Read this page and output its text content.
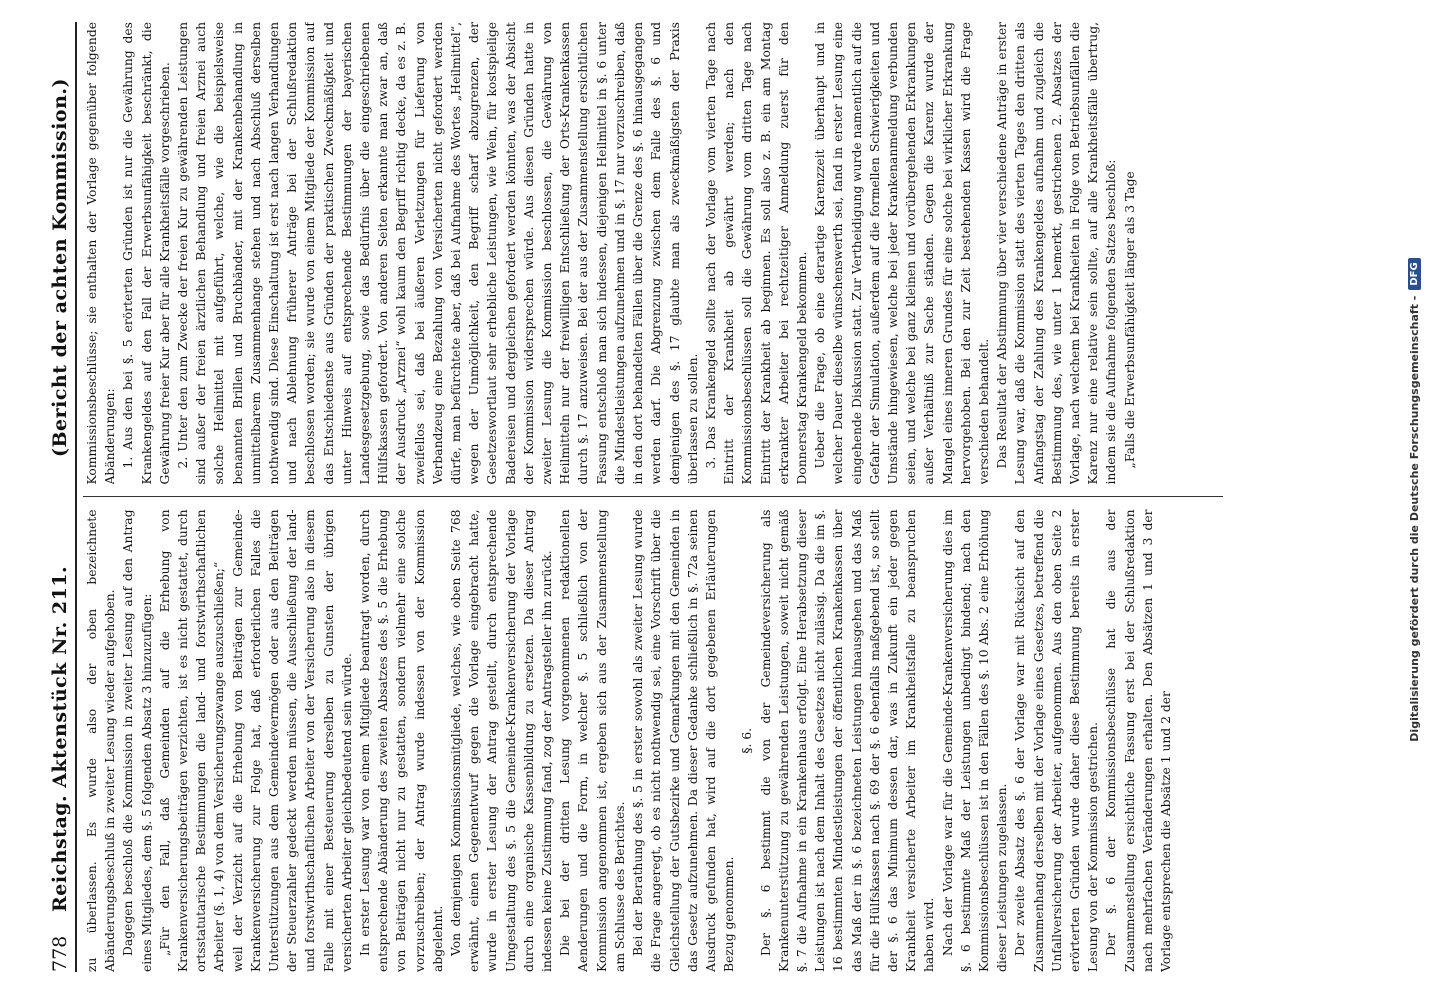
778
Reichstag. Aktenstück Nr. 211.
(Bericht der achten Kommission.)

zu überlassen. Es wurde also der oben bezeichnete Abänderungsbeschluß in zweiter Lesung wieder aufgehoben. Dagegen beschloß die Kommission in zweiter Lesung auf den Antrag eines Mitgliedes, dem §. 5 folgenden Absatz 3 hinzuzufügen: „Für den Fall, daß Gemeinden auf die Erhebung von Krankenversicherungsbeiträgen verzichten, ist es nicht gestattet, durch ortsstatutarische Bestimmungen die land- und forstwirthschaftlichen Arbeiter (§. 1, 4) von dem Versicherungszwange auszuschließen;“ weil der Verzicht auf die Erhebung von Beiträgen zur Gemeinde-Krankenversicherung zur Folge hat, daß erforderlichen Falles die Unterstützungen aus dem Gemeindevermögen oder aus den Beiträgen der Steuerzahler gedeckt werden müssen, die Ausschließung der land- und forstwirthschaftlichen Arbeiter von der Versicherung also in diesem Falle mit einer Besteuerung derselben zu Gunsten der übrigen versicherten Arbeiter gleichbedeutend sein würde. In erster Lesung war von einem Mitgliede beantragt worden, durch entsprechende Abänderung des zweiten Absatzes des §. 5 die Erhebung von Beiträgen nicht nur zu gestatten, sondern vielmehr eine solche vorzuschreiben; der Antrag wurde indessen von der Kommission abgelehnt. Von demjenigen Kommissionsmitgliede, welches, wie oben Seite 768 erwähnt, einen Gegenentwurf gegen die Vorlage eingebracht hatte, wurde in erster Lesung der Antrag gestellt, durch entsprechende Umgestaltung des §. 5 die Gemeinde-Krankenversicherung der Vorlage durch eine organische Kassenbildung zu ersetzen. Da dieser Antrag indessen keine Zustimmung fand, zog der Antragsteller ihn zurück. Die bei der dritten Lesung vorgenommenen redaktionellen Aenderungen und die Form, in welcher §. 5 schließlich von der Kommission angenommen ist, ergeben sich aus der Zusammenstellung am Schlusse des Berichtes. Bei der Berathung des §. 5 in erster sowohl als zweiter Lesung wurde die Frage angeregt, ob es nicht nothwendig sei, eine Vorschrift über die Gleichstellung der Gutsbezirke und Gemarkungen mit den Gemeinden in das Gesetz aufzunehmen. Da dieser Gedanke schließlich in §. 72a seinen Ausdruck gefunden hat, wird auf die dort gegebenen Erläuterungen Bezug genommen.

§. 6. Der §. 6 bestimmt die von der Gemeindeversicherung als Krankenunterstützung zu gewährenden Leistungen, soweit nicht gemäß §. 7 die Aufnahme in ein Krankenhaus erfolgt. Eine Herabsetzung dieser Leistungen ist nach dem Inhalt des Gesetzes nicht zulässig. Da die im §. 16 bestimmten Mindestleistungen der öffentlichen Krankenkassen über das Maß der in §. 6 bezeichneten Leistungen hinausgehen und das Maß für die Hülfskassen nach §. 69 der §. 6 ebenfalls maßgebend ist, so stellt der §. 6 das Minimum dessen dar, was in Zukunft ein jeder gegen Krankheit versicherte Arbeiter im Krankheitsfalle zu beanspruchen haben wird. Nach der Vorlage war für die Gemeinde-Krankenversicherung dies im §. 6 bestimmte Maß der Leistungen unbedingt bindend; nach den Kommissionsbeschlüssen ist in den Fällen des §. 10 Abs. 2 eine Erhöhung dieser Leistungen zugelassen. Der zweite Absatz des §. 6 der Vorlage war mit Rücksicht auf den Zusammenhang derselben mit der Vorlage eines Gesetzes, betreffend die Unfallversicherung der Arbeiter, aufgenommen. Aus den oben Seite 2 erörterten Gründen wurde daher diese Bestimmung bereits in erster Lesung von der Kommission gestrichen. Der §. 6 der Kommissionsbeschlüsse hat die aus der Zusammenstellung ersichtliche Fassung erst bei der Schlußredaktion nach mehrfachen Veränderungen erhalten. Den Absätzen 1 und 3 der Vorlage entsprechen die Absätze 1 und 2 der

Kommissionsbeschlüsse; sie enthalten der Vorlage gegenüber folgende Abänderungen: 1. Aus den bei §. 5 erörterten Gründen ist nur die Gewährung des Krankengeldes auf den Fall der Erwerbsunfähigkeit beschränkt, die Gewährung freier Kur aber für alle Krankheitsfälle vorgeschrieben. 2. Unter den zum Zwecke der freien Kur zu gewährenden Leistungen sind außer der freien ärztlichen Behandlung und freien Arznei auch solche Heilmittel mit aufgeführt, welche, wie die beispielsweise benannten Brillen und Bruchbänder, mit der Krankenbehandlung in unmittelbarem Zusammenhange stehen und nach Abschluß derselben nothwendig sind. Diese Einschaltung ist erst nach langen Verhandlungen und nach Ablehnung früherer Anträge bei der Schlußredaktion beschlossen worden; sie wurde von einem Mitgliede der Kommission auf das Entschiedenste aus Gründen der praktischen Zweckmäßigkeit und unter Hinweis auf entsprechende Bestimmungen der bayerischen Landesgesetzgebung, sowie das Bedürfnis über die eingeschriebenen Hülfskassen gefordert. Von anderen Seiten erkannte man zwar an, daß der Ausdruck „Arznei“ wohl kaum den Begriff richtig decke, da es z. B. zweifellos sei, daß bei äußeren Verletzungen für Lieferung von Verbandzeug eine Bezahlung von Versicherten nicht gefordert werden dürfe, man befürchtete aber, daß bei Aufnahme des Wortes „Heilmittel“, wegen der Unmöglichkeit, den Begriff scharf abzugrenzen, der Gesetzeswortlaut sehr erhebliche Leistungen, wie Wein, für kostspielige Badereisen und dergleichen gefordert werden könnten, was der Absicht der Kommission widersprechen würde. Aus diesen Gründen hatte in zweiter Lesung die Kommission beschlossen, die Gewährung von Heilmitteln nur der freiwilligen Entschließung der Orts-Krankenkassen durch §. 17 anzuweisen. Bei der aus der Zusammenstellung ersichtlichen Fassung entschloß man sich indessen, diejenigen Heilmittel in §. 6 unter die Mindestleistungen aufzunehmen und in §. 17 nur vorzuschreiben, daß in den dort behandelten Fällen über die Grenze des §. 6 hinausgegangen werden darf. Die Abgrenzung zwischen dem Falle des §. 6 und demjenigen des §. 17 glaubte man als zweckmäßigsten der Praxis überlassen zu sollen. 3. Das Krankengeld sollte nach der Vorlage vom vierten Tage nach Eintritt der Krankheit ab gewährt werden; nach den Kommissionsbeschlüssen soll die Gewährung vom dritten Tage nach Eintritt der Krankheit ab beginnen. Es soll also z. B. ein am Montag erkrankter Arbeiter bei rechtzeitiger Anmeldung zuerst für den Donnerstag Krankengeld bekommen. Ueber die Frage, ob eine derartige Karenzzeit überhaupt und in welcher Dauer dieselbe wünschenswerth sei, fand in erster Lesung eine eingehende Diskussion statt. Zur Vertheidigung wurde namentlich auf die Gefahr der Simulation, außerdem auf die formellen Schwierigkeiten und Umstände hingewiesen, welche bei jeder Krankenanmeldung verbunden seien, und welche bei ganz kleinen und vorübergehenden Erkrankungen außer Verhältniß zur Sache ständen. Gegen die Karenz wurde der Mangel eines inneren Grundes für eine solche bei wirklicher Erkrankung hervorgehoben. Bei den zur Zeit bestehenden Kassen wird die Frage verschieden behandelt. Das Resultat der Abstimmung über vier verschiedene Anträge in erster Lesung war, daß die Kommission statt des vierten Tages den dritten als Anfangstag der Zahlung des Krankengeldes aufnahm und zugleich die Bestimmung des, wie unter 1 bemerkt, gestrichenen 2. Absatzes der Vorlage, nach welchem bei Krankheiten in Folge von Betriebsunfällen die Karenz nur eine relative sein sollte, auf alle Krankheitsfälle übertrug, indem sie die Aufnahme folgenden Satzes beschloß: „Falls die Erwerbsunfähigkeit länger als 3 Tage	Digitalisierung gefördert durch die Deutsche Forschungsgemeinschaft -
DFG
